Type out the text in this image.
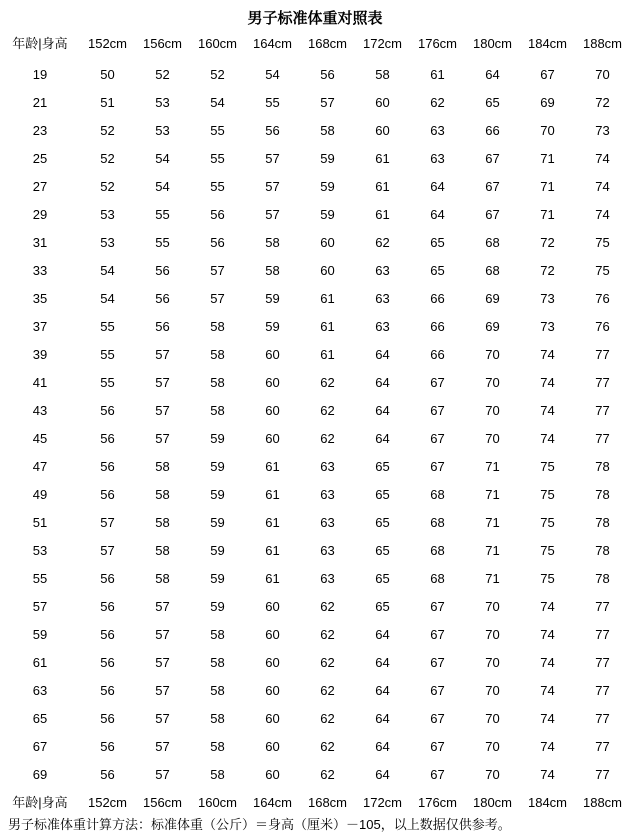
男子标准体重对照表
年龄|身高	152cm	156cm	160cm	164cm	168cm	172cm	176cm	180cm	184cm	188cm
19	50	52	52	54	56	58	61	64	67	70
21	51	53	54	55	57	60	62	65	69	72
23	52	53	55	56	58	60	63	66	70	73
25	52	54	55	57	59	61	63	67	71	74
27	52	54	55	57	59	61	64	67	71	74
29	53	55	56	57	59	61	64	67	71	74
31	53	55	56	58	60	62	65	68	72	75
33	54	56	57	58	60	63	65	68	72	75
35	54	56	57	59	61	63	66	69	73	76
37	55	56	58	59	61	63	66	69	73	76
39	55	57	58	60	61	64	66	70	74	77
41	55	57	58	60	62	64	67	70	74	77
43	56	57	58	60	62	64	67	70	74	77
45	56	57	59	60	62	64	67	70	74	77
47	56	58	59	61	63	65	67	71	75	78
49	56	58	59	61	63	65	68	71	75	78
51	57	58	59	61	63	65	68	71	75	78
53	57	58	59	61	63	65	68	71	75	78
55	56	58	59	61	63	65	68	71	75	78
57	56	57	59	60	62	65	67	70	74	77
59	56	57	58	60	62	64	67	70	74	77
61	56	57	58	60	62	64	67	70	74	77
63	56	57	58	60	62	64	67	70	74	77
65	56	57	58	60	62	64	67	70	74	77
67	56	57	58	60	62	64	67	70	74	77
69	56	57	58	60	62	64	67	70	74	77
年龄|身高	152cm	156cm	160cm	164cm	168cm	172cm	176cm	180cm	184cm	188cm
男子标准体重计算方法：标准体重（公斤）＝身高（厘米）－105，以上数据仅供参考。
